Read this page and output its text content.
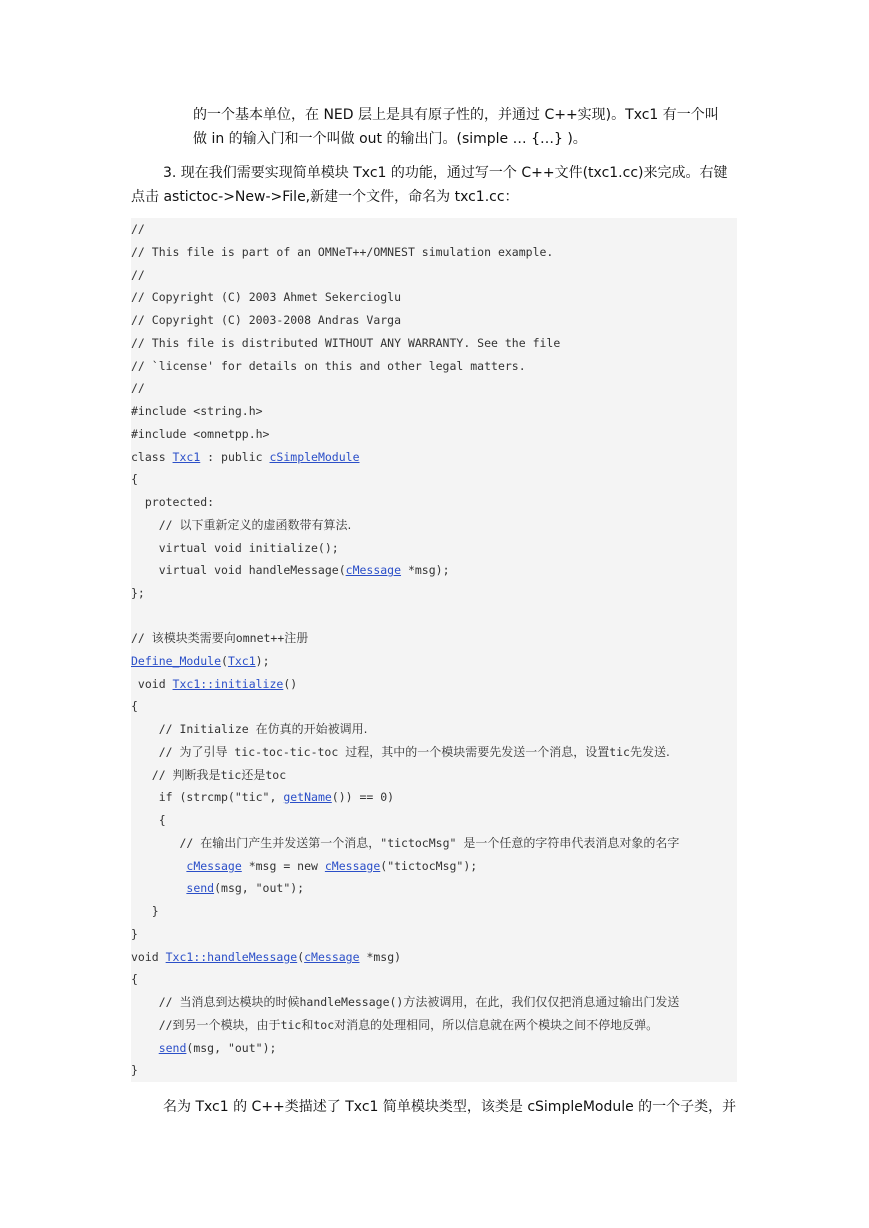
的一个基本单位，在 NED 层上是具有原子性的，并通过 C++实现)。Txc1 有一个叫
做 in 的输入门和一个叫做 out 的输出门。(simple … {…} )。
3. 现在我们需要实现简单模块 Txc1 的功能，通过写一个 C++文件(txc1.cc)来完成。右键
点击 astictoc->New->File,新建一个文件，命名为 txc1.cc：
//
// This file is part of an OMNeT++/OMNEST simulation example.
//
// Copyright (C) 2003 Ahmet Sekercioglu
// Copyright (C) 2003-2008 Andras Varga
// This file is distributed WITHOUT ANY WARRANTY. See the file
// `license' for details on this and other legal matters.
//
#include <string.h>
#include <omnetpp.h>
class Txc1 : public cSimpleModule
{
protected:
// 以下重新定义的虚函数带有算法.
virtual void initialize();
virtual void handleMessage(cMessage *msg);
};
// 该模块类需要向omnet++注册
Define_Module(Txc1);
void Txc1::initialize()
{
// Initialize 在仿真的开始被调用.
// 为了引导 tic-toc-tic-toc 过程，其中的一个模块需要先发送一个消息，设置tic先发送.
// 判断我是tic还是toc
if (strcmp("tic", getName()) == 0)
{
// 在输出门产生并发送第一个消息，"tictocMsg" 是一个任意的字符串代表消息对象的名字
cMessage *msg = new cMessage("tictocMsg");
send(msg, "out");
}
}
void Txc1::handleMessage(cMessage *msg)
{
// 当消息到达模块的时候handleMessage()方法被调用，在此，我们仅仅把消息通过输出门发送
//到另一个模块，由于tic和toc对消息的处理相同，所以信息就在两个模块之间不停地反弹。
send(msg, "out");
}
名为 Txc1 的 C++类描述了 Txc1 简单模块类型，该类是 cSimpleModule 的一个子类，并
